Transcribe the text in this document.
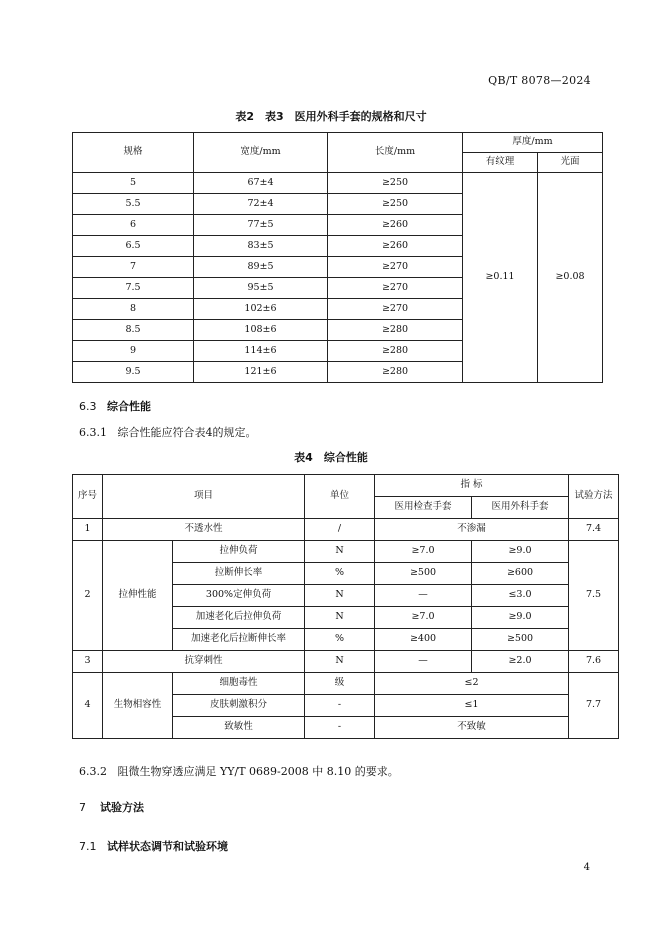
QB/T 8078—2024
表2　表3　医用外科手套的规格和尺寸
规格	宽度/mm	长度/mm	厚度/mm	
			有纹理	光面
5	67±4	≥250	≥0.11	≥0.08
5.5	72±4	≥250		
6	77±5	≥260		
6.5	83±5	≥260		
7	89±5	≥270		
7.5	95±5	≥270		
8	102±6	≥270		
8.5	108±6	≥280		
9	114±6	≥280		
9.5	121±6	≥280		
6.3 综合性能
6.3.1 综合性能应符合表4的规定。
表4　综合性能
序号	项目		单位	指 标		试验方法
				医用检查手套	医用外科手套	
1	不透水性		/	不渗漏		7.4
2	拉伸性能	拉伸负荷	N	≥7.0	≥9.0	7.5
		拉断伸长率	%	≥500	≥600	
		300%定伸负荷	N	—	≤3.0	
		加速老化后拉伸负荷	N	≥7.0	≥9.0	
		加速老化后拉断伸长率	%	≥400	≥500	
3	抗穿刺性		N	—	≥2.0	7.6
4	生物相容性	细胞毒性	级	≤2		7.7
		皮肤刺激积分	-	≤1		
		致敏性	-	不致敏		
6.3.2 阻微生物穿透应满足 YY/T 0689-2008 中 8.10 的要求。
7 试验方法
7.1 试样状态调节和试验环境
4
